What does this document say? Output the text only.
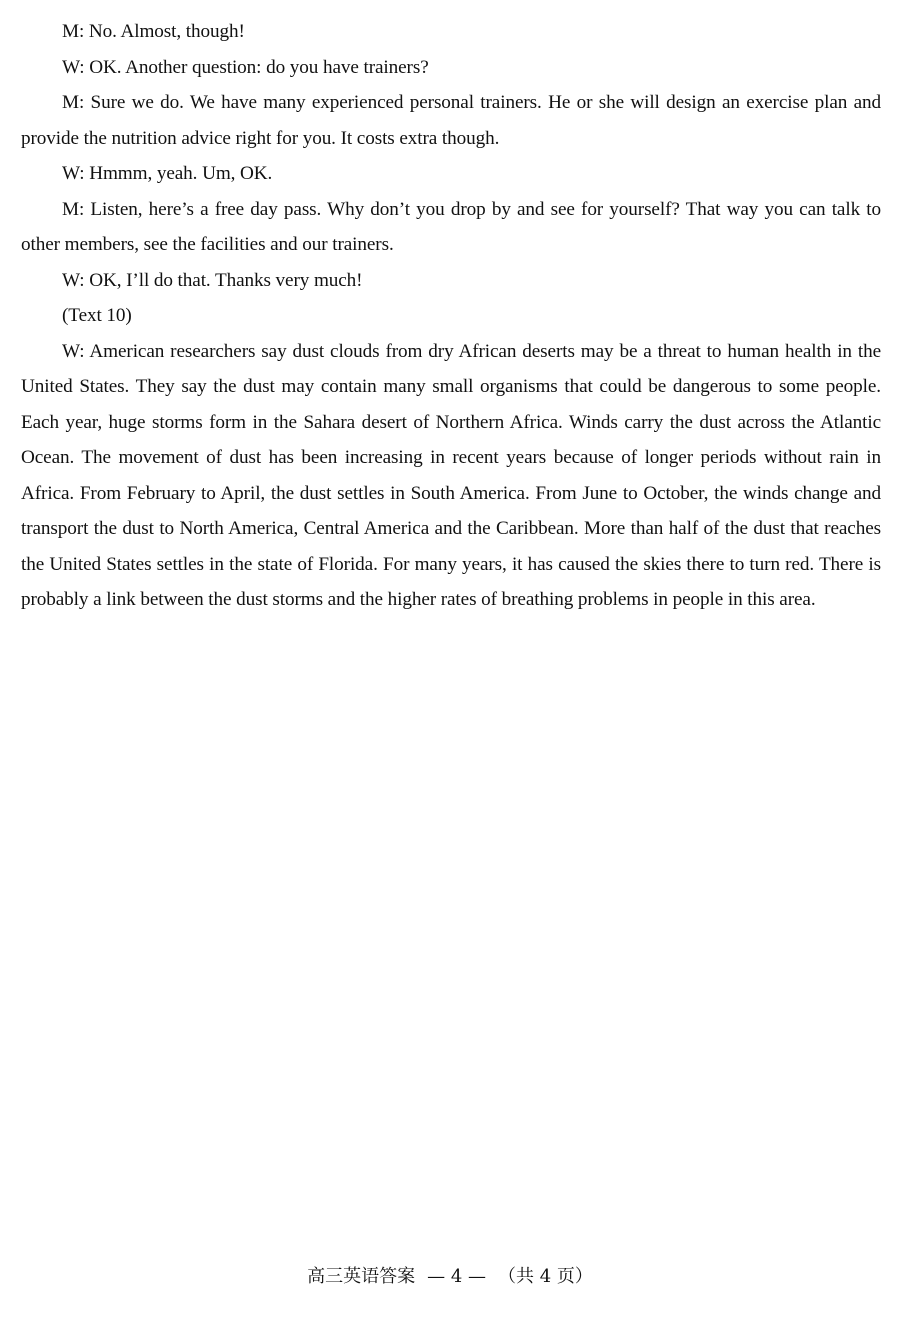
M: No. Almost, though!

W: OK. Another question: do you have trainers?

M: Sure we do. We have many experienced personal trainers. He or she will design an exercise plan and provide the nutrition advice right for you. It costs extra though.

W: Hmmm, yeah. Um, OK.

M: Listen, here’s a free day pass. Why don’t you drop by and see for yourself? That way you can talk to other members, see the facilities and our trainers.

W: OK, I’ll do that. Thanks very much!

(Text 10)

W: American researchers say dust clouds from dry African deserts may be a threat to human health in the United States. They say the dust may contain many small organisms that could be dangerous to some people. Each year, huge storms form in the Sahara desert of Northern Africa. Winds carry the dust across the Atlantic Ocean. The movement of dust has been increasing in recent years because of longer periods without rain in Africa. From February to April, the dust settles in South America. From June to October, the winds change and transport the dust to North America, Central America and the Caribbean. More than half of the dust that reaches the United States settles in the state of Florida. For many years, it has caused the skies there to turn red. There is probably a link between the dust storms and the higher rates of breathing problems in people in this area.

高三英语答案 — 4 — （共 4 页）
